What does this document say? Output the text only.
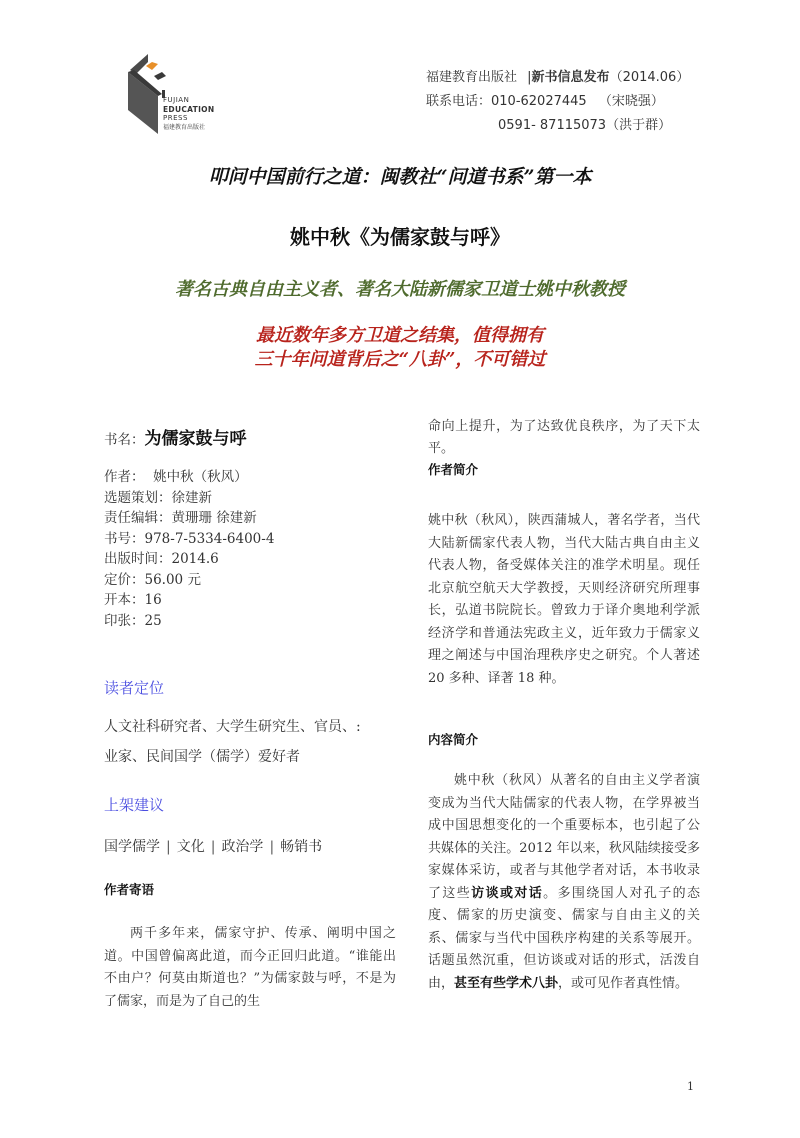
FUJIAN
EDUCATION
PRESS
福建教育出版社
福建教育出版社 |新书信息发布（2014.06）
联系电话：010-62027445 （宋晓强）
0591- 87115073（洪于群）
叩问中国前行之道：闽教社“问道书系”第一本
姚中秋《为儒家鼓与呼》
著名古典自由主义者、著名大陆新儒家卫道士姚中秋教授
最近数年多方卫道之结集，值得拥有
三十年问道背后之“八卦”，不可错过
书名：为儒家鼓与呼
作者：  姚中秋（秋风）
选题策划：徐建新
责任编辑：黄珊珊 徐建新
书号：978-7-5334-6400-4
出版时间：2014.6
定价：56.00 元
开本：16
印张：25
读者定位
人文社科研究者、大学生研究生、官员、:
业家、民间国学（儒学）爱好者
上架建议
国学儒学 | 文化 | 政治学 | 畅销书
作者寄语
两千多年来，儒家守护、传承、阐明中国之道。中国曾偏离此道，而今正回归此道。“谁能出不由户？何莫由斯道也？”为儒家鼓与呼，不是为了儒家，而是为了自己的生
命向上提升，为了达致优良秩序，为了天下太平。
作者简介
姚中秋（秋风），陕西蒲城人，著名学者，当代大陆新儒家代表人物，当代大陆古典自由主义代表人物，备受媒体关注的准学术明星。现任北京航空航天大学教授，天则经济研究所理事长，弘道书院院长。曾致力于译介奥地利学派经济学和普通法宪政主义，近年致力于儒家义理之阐述与中国治理秩序史之研究。个人著述 20 多种、译著 18 种。
内容简介
姚中秋（秋风）从著名的自由主义学者演变成为当代大陆儒家的代表人物，在学界被当成中国思想变化的一个重要标本，也引起了公共媒体的关注。2012 年以来，秋风陆续接受多家媒体采访，或者与其他学者对话，本书收录了这些访谈或对话。多围绕国人对孔子的态度、儒家的历史演变、儒家与自由主义的关系、儒家与当代中国秩序构建的关系等展开。话题虽然沉重，但访谈或对话的形式，活泼自由，甚至有些学术八卦，或可见作者真性情。
1
